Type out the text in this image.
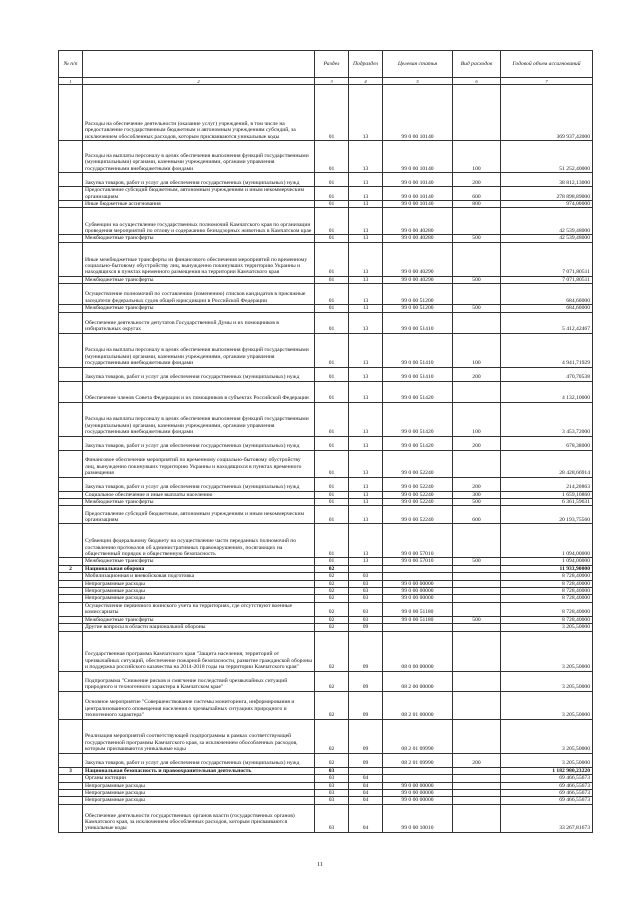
№ п/п		Раздел	Подраздел	Целевая статья	Вид расходов	Годовой объем ассигнований
1	2	3	4	5	6	7
	Расходы на обеспечение деятельности (оказание услуг) учреждений, в том числе на предоставление государственным бюджетным и автономным учреждениям субсидий, за исключением обособленных расходов, которым присваиваются уникальные коды	01	13	99 0 00 10140		369 937,42000
	Расходы на выплаты персоналу в целях обеспечения выполнения функций государственными (муниципальными) органами, казенными учреждениями, органами управления государственными внебюджетными фондами	01	13	99 0 00 10140	100	51 252,40000
	Закупка товаров, работ и услуг для обеспечения государственных (муниципальных) нужд	01	13	99 0 00 10140	200	38 812,13000
	Предоставление субсидий бюджетным, автономным учреждениям и иным некоммерческим организациям	01	13	99 0 00 10140	600	278 898,89000
	Иные бюджетные ассигнования	01	13	99 0 00 10140	800	974,00000
	Субвенции на осуществление государственных полномочий Камчатского края по организации проведения мероприятий по отлову и содержанию безнадзорных животных в Камчатском крае	01	13	99 0 00 40280		42 539,48000
	Межбюджетные трансферты	01	13	99 0 00 40280	500	42 539,48000
	Иные межбюджетные трансферты из финансового обеспечения мероприятий по временному социально-бытовому обустройству лиц, вынужденно покинувших территорию Украины и находящихся в пунктах временного размещения на территории Камчатского края	01	13	99 0 00 40290		7 071,80511
	Межбюджетные трансферты	01	13	99 0 00 40290	500	7 071,80511
	Осуществление полномочий по составлению (изменению) списков кандидатов в присяжные заседатели федеральных судов общей юрисдикции в Российской Федерации	01	13	99 0 00 51200		684,60000
	Межбюджетные трансферты	01	13	99 0 00 51200	500	684,60000
	Обеспечение деятельности депутатов Государственной Думы и их помощников в избирательных округах	01	13	99 0 00 51410		5 412,42467
	Расходы на выплаты персоналу в целях обеспечения выполнения функций государственными (муниципальными) органами, казенными учреждениями, органами управления государственными внебюджетными фондами	01	13	99 0 00 51410	100	4 941,71929
	Закупка товаров, работ и услуг для обеспечения государственных (муниципальных) нужд	01	13	99 0 00 51410	200	470,70538
	Обеспечение членов Совета Федерации и их помощников в субъектах Российской Федерации	01	13	99 0 00 51420		4 132,10000
	Расходы на выплаты персоналу в целях обеспечения выполнения функций государственными (муниципальными) органами, казенными учреждениями, органами управления государственными внебюджетными фондами	01	13	99 0 00 51420	100	3 453,72000
	Закупка товаров, работ и услуг для обеспечения государственных (муниципальных) нужд	01	13	99 0 00 51420	200	678,38000
	Финансовое обеспечение мероприятий по временному социально-бытовому обустройству лиц, вынужденно покинувших территорию Украины и находящихся в пунктах временного размещения	01	13	99 0 00 52240		28 428,66914
	Закупка товаров, работ и услуг для обеспечения государственных (муниципальных) нужд	01	13	99 0 00 52240	200	214,20863
	Социальное обеспечение и иные выплаты населению	01	13	99 0 00 52240	300	1 659,10860
	Межбюджетные трансферты	01	13	99 0 00 52240	500	6 361,59631
	Предоставление субсидий бюджетным, автономным учреждениям и иным некоммерческим организациям	01	13	99 0 00 52240	600	20 193,75560
	Субвенции федеральному бюджету на осуществление части переданных полномочий по составлению протоколов об административных правонарушениях, посягающих на общественный порядок и общественную безопасность	01	13	99 0 00 57010		1 094,00000
	Межбюджетные трансферты	01	13	99 0 00 57010	500	1 094,00000
2	Национальная оборона	02				11 933,90000
	Мобилизационная и вневойсковая подготовка	02	03			8 728,40000
	Непрограммные расходы	02	03	99 0 00 00000		8 728,40000
	Непрограммные расходы	02	03	99 0 00 00000		8 728,40000
	Непрограммные расходы	02	03	99 0 00 00000		8 728,40000
	Осуществление первичного воинского учета на территориях, где отсутствуют военные комиссариаты	02	03	99 0 00 51180		8 728,40000
	Межбюджетные трансферты	02	03	99 0 00 51180	500	8 728,40000
	Другие вопросы в области национальной обороны	02	09			3 205,50000
	Государственная программа Камчатского края "Защита населения, территорий от чрезвычайных ситуаций, обеспечение пожарной безопасности, развитие гражданской обороны и поддержка российского казачества на 2014-2018 годы на территории Камчатского края"	02	09	08 0 00 00000		3 205,50000
	Подпрограмма "Снижение рисков и смягчение последствий чрезвычайных ситуаций природного и техногенного характера в Камчатском крае"	02	09	08 2 00 00000		3 205,50000
	Основное мероприятие "Совершенствование системы мониторинга, информирования и централизованного оповещения населения о чрезвычайных ситуациях природного и техногенного характера"	02	09	08 2 01 00000		3 205,50000
	Реализация мероприятий соответствующей подпрограммы в рамках соответствующей государственной программы Камчатского края, за исключением обособленных расходов, которым присваиваются уникальные коды	02	09	08 2 01 09990		3 205,50000
	Закупка товаров, работ и услуг для обеспечения государственных (муниципальных) нужд	02	09	08 2 01 09990	200	3 205,50000
3	Национальная безопасность и правоохранительная деятельность	03				1 182 980,23220
	Органы юстиции	03	04			69 466,55673
	Непрограммные расходы	03	04	99 0 00 00000		69 466,55673
	Непрограммные расходы	03	04	99 0 00 00000		69 466,55673
	Непрограммные расходы	03	04	99 0 00 00000		69 466,55673
	Обеспечение деятельности государственных органов власти (государственных органов) Камчатского края, за исключением обособленных расходов, которым присваиваются уникальные коды	03	04	99 0 00 10010		33 267,81673
11
